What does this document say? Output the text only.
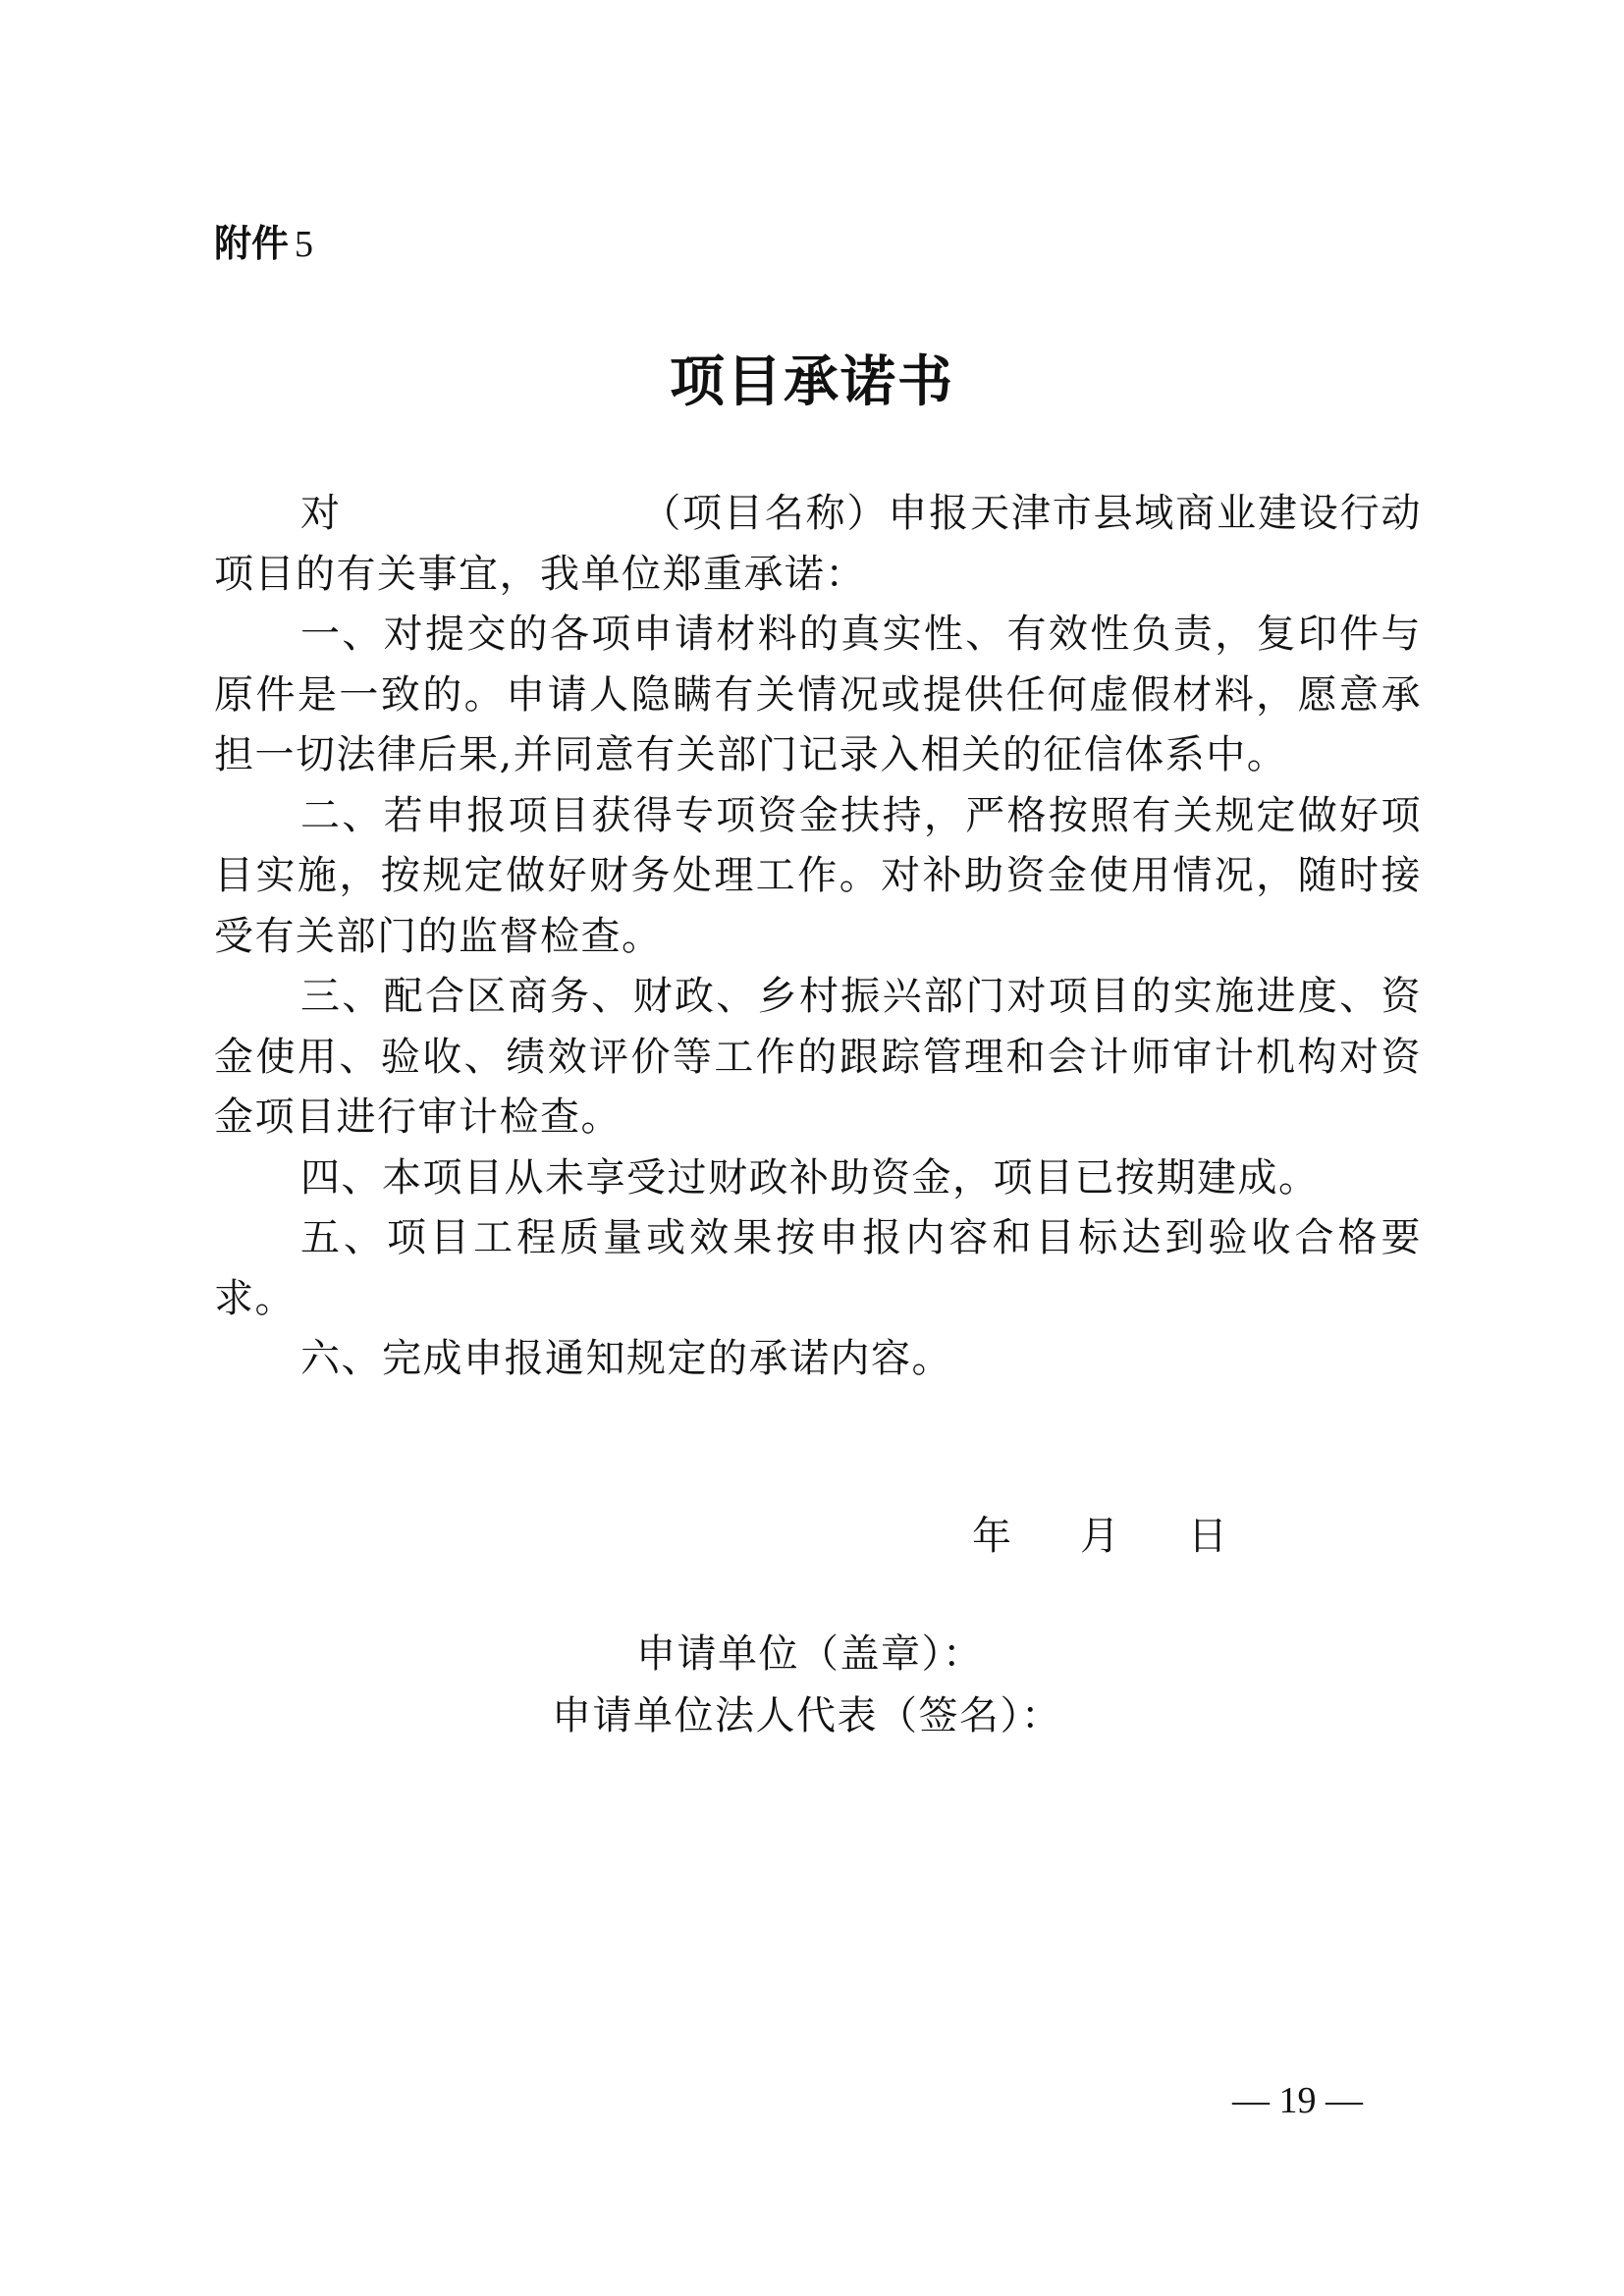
附件 5
项目承诺书

对	（项目名称）申报天津市县域商业建设行动项目的有关事宜，我单位郑重承诺：

一、对提交的各项申请材料的真实性、有效性负责，复印件与原件是一致的。申请人隐瞒有关情况或提供任何虚假材料，愿意承担一切法律后果,并同意有关部门记录入相关的征信体系中。

二、若申报项目获得专项资金扶持，严格按照有关规定做好项目实施，按规定做好财务处理工作。对补助资金使用情况，随时接受有关部门的监督检查。

三、配合区商务、财政、乡村振兴部门对项目的实施进度、资金使用、验收、绩效评价等工作的跟踪管理和会计师审计机构对资金项目进行审计检查。

四、本项目从未享受过财政补助资金，项目已按期建成。

五、项目工程质量或效果按申报内容和目标达到验收合格要求。

六、完成申报通知规定的承诺内容。

年 月 日
申请单位（盖章）：
申请单位法人代表（签名）：
— 19 —
